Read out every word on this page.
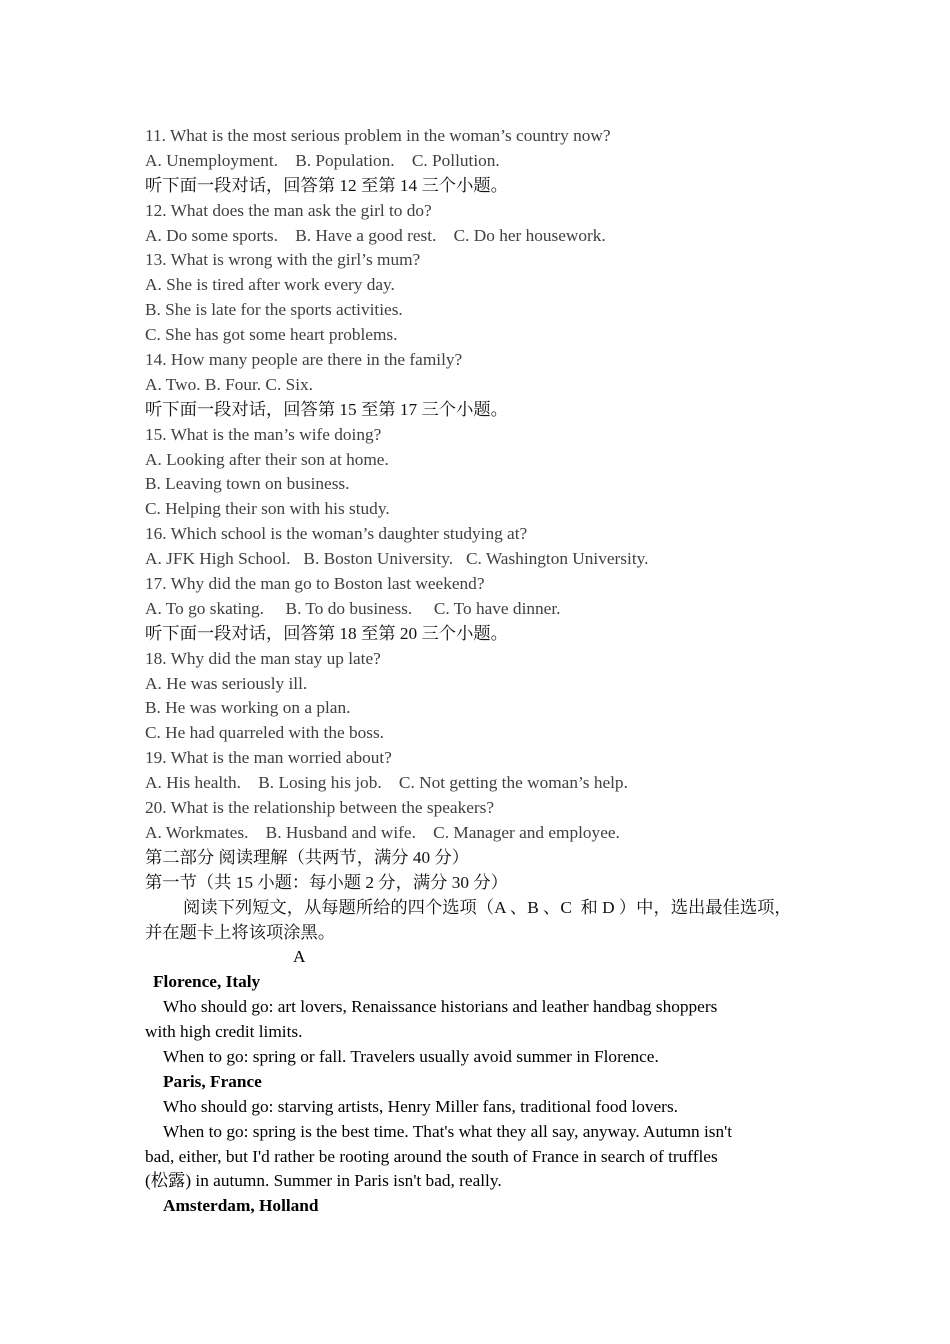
11. What is the most serious problem in the woman’s country now?
A. Unemployment.    B. Population.    C. Pollution.
听下面一段对话，回答第 12 至第 14 三个小题。
12. What does the man ask the girl to do?
A. Do some sports.    B. Have a good rest.    C. Do her housework.
13. What is wrong with the girl’s mum?
A. She is tired after work every day.
B. She is late for the sports activities.
C. She has got some heart problems.
14. How many people are there in the family?
A. Two. B. Four. C. Six.
听下面一段对话，回答第 15 至第 17 三个小题。
15. What is the man’s wife doing?
A. Looking after their son at home.
B. Leaving town on business.
C. Helping their son with his study.
16. Which school is the woman’s daughter studying at?
A. JFK High School.   B. Boston University.   C. Washington University.
17. Why did the man go to Boston last weekend?
A. To go skating.     B. To do business.     C. To have dinner.
听下面一段对话，回答第 18 至第 20 三个小题。
18. Why did the man stay up late?
A. He was seriously ill.
B. He was working on a plan.
C. He had quarreled with the boss.
19. What is the man worried about?
A. His health.    B. Losing his job.    C. Not getting the woman’s help.
20. What is the relationship between the speakers?
A. Workmates.    B. Husband and wife.    C. Manager and employee.
第二部分 阅读理解（共两节，满分 40 分）
第一节（共 15 小题：每小题 2 分，满分 30 分）
阅读下列短文，从每题所给的四个选项（A 、B 、C  和 D ）中，选出最佳选项，
并在题卡上将该项涂黑。
A
Florence, Italy
Who should go: art lovers, Renaissance historians and leather handbag shoppers
with high credit limits.
When to go: spring or fall. Travelers usually avoid summer in Florence.
Paris, France
Who should go: starving artists, Henry Miller fans, traditional food lovers.
When to go: spring is the best time. That's what they all say, anyway. Autumn isn't
bad, either, but I'd rather be rooting around the south of France in search of truffles
(松露) in autumn. Summer in Paris isn't bad, really.
Amsterdam, Holland
